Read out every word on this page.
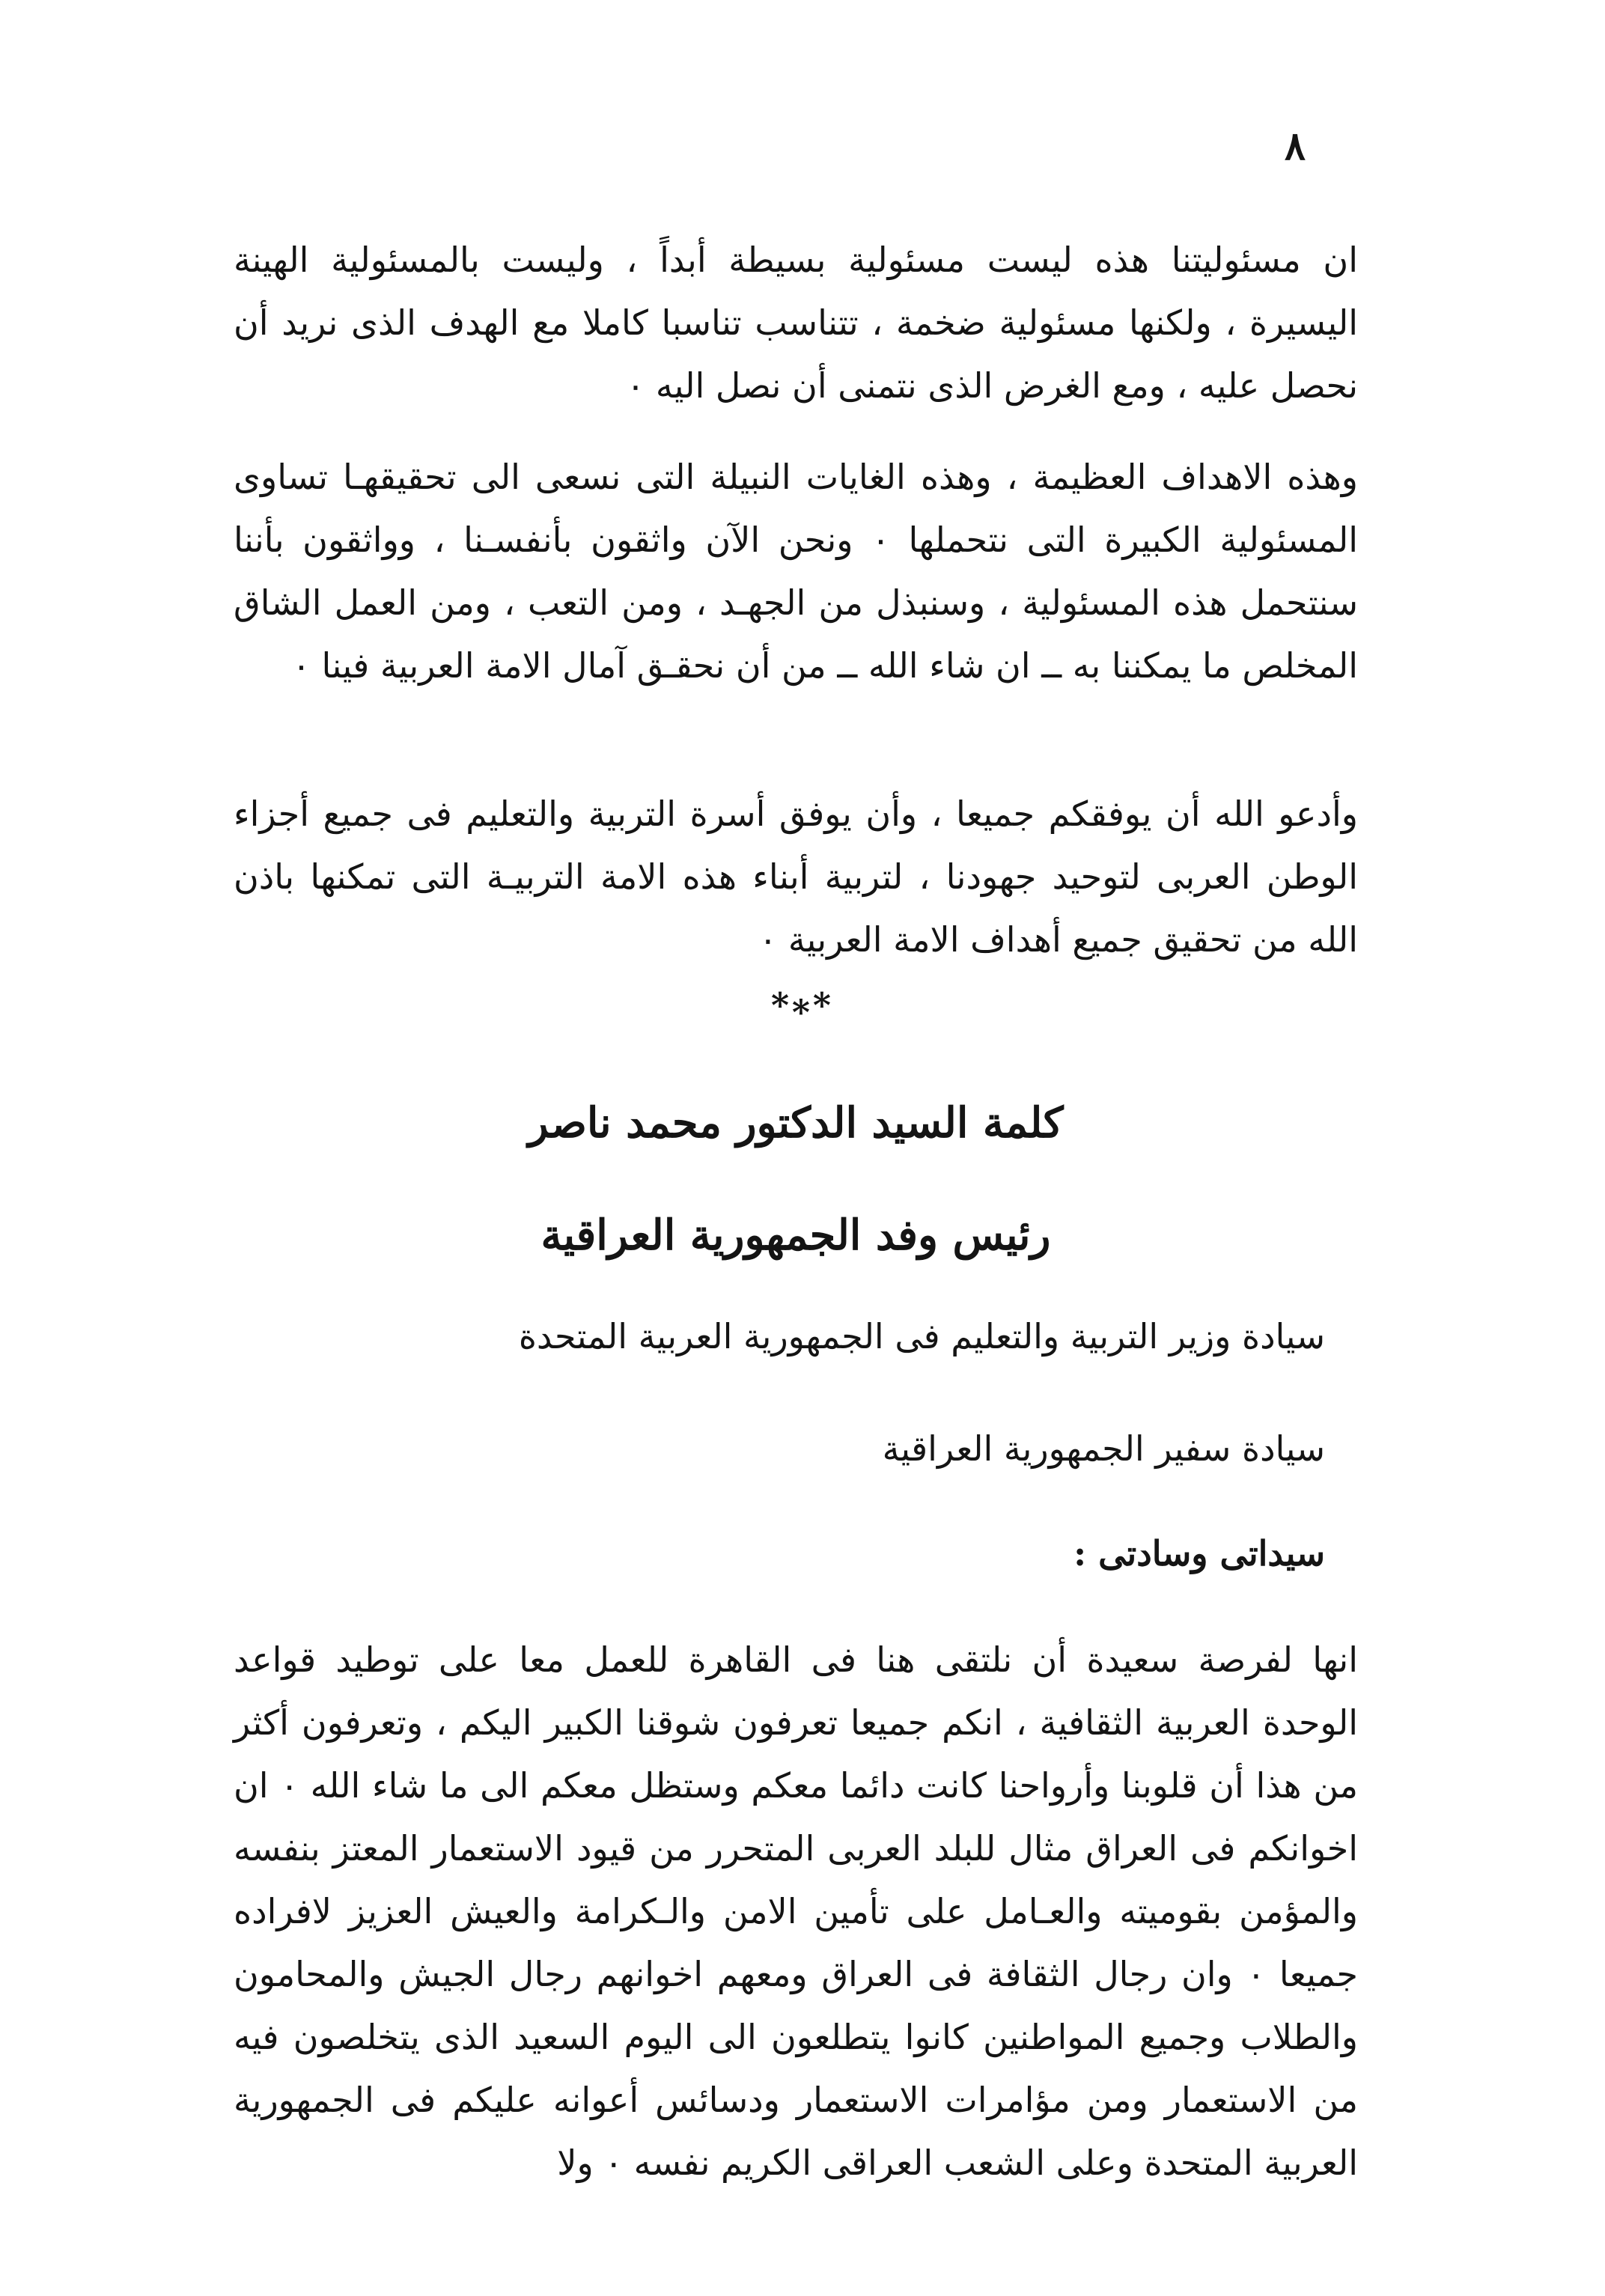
٨

ان مسئوليتنا هذه ليست مسئولية بسيطة أبداً ، وليست بالمسئولية الهينة اليسيرة ، ولكنها مسئولية ضخمة ، تتناسب تناسبا كاملا مع الهدف الذى نريد أن نحصل عليه ، ومع الغرض الذى نتمنى أن نصل اليه ٠

وهذه الاهداف العظيمة ، وهذه الغايات النبيلة التى نسعى الى تحقيقهـا تساوى المسئولية الكبيرة التى نتحملها ٠ ونحن الآن واثقون بأنفسـنا ، وواثقون بأننا سنتحمل هذه المسئولية ، وسنبذل من الجهـد ، ومن التعب ، ومن العمل الشاق المخلص ما يمكننا به ــ ان شاء الله ــ من أن نحقـق آمال الامة العربية فينا ٠

وأدعو الله أن يوفقكم جميعا ، وأن يوفق أسرة التربية والتعليم فى جميع أجزاء الوطن العربى لتوحيد جهودنا ، لتربية أبناء هذه الامة التربيـة التى تمكنها باذن الله من تحقيق جميع أهداف الامة العربية ٠

*∗*
كلمة السيد الدكتور محمد ناصر
رئيس وفد الجمهورية العراقية
سيادة وزير التربية والتعليم فى الجمهورية العربية المتحدة
سيادة سفير الجمهورية العراقية
سيداتى وسادتى :

انها لفرصة سعيدة أن نلتقى هنا فى القاهرة للعمل معا على توطيد قواعد الوحدة العربية الثقافية ، انكم جميعا تعرفون شوقنا الكبير اليكم ، وتعرفون أكثر من هذا أن قلوبنا وأرواحنا كانت دائما معكم وستظل معكم الى ما شاء الله ٠ ان اخوانكم فى العراق مثال للبلد العربى المتحرر من قيود الاستعمار المعتز بنفسه والمؤمن بقوميته والعـامل على تأمين الامن والـكرامة والعيش العزيز لافراده جميعا ٠ وان رجال الثقافة فى العراق ومعهم اخوانهم رجال الجيش والمحامون والطلاب وجميع المواطنين كانوا يتطلعون الى اليوم السعيد الذى يتخلصون فيه من الاستعمار ومن مؤامرات الاستعمار ودسائس أعوانه عليكم فى الجمهورية العربية المتحدة وعلى الشعب العراقى الكريم نفسه ٠ ولا
